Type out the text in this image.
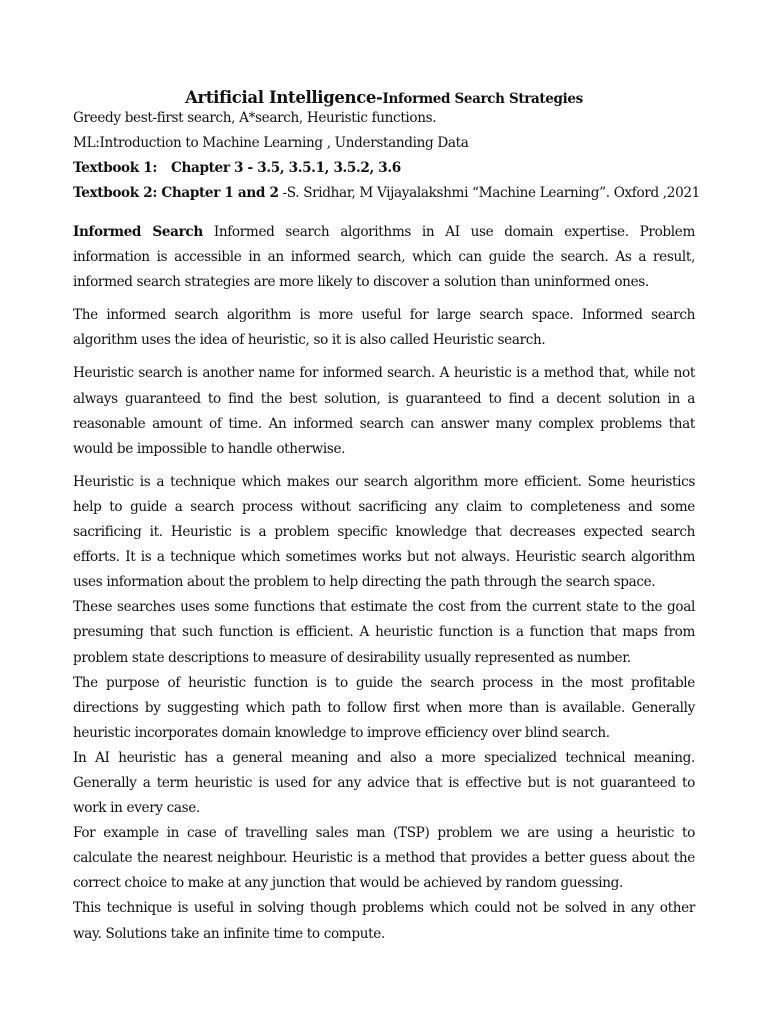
Artificial Intelligence-Informed Search Strategies
Greedy best-first search, A*search, Heuristic functions.
ML:Introduction to Machine Learning , Understanding Data
Textbook 1: Chapter 3 - 3.5, 3.5.1, 3.5.2, 3.6
Textbook 2: Chapter 1 and 2 -S. Sridhar, M Vijayalakshmi “Machine Learning”. Oxford ,2021

Informed Search Informed search algorithms in AI use domain expertise. Problem information is accessible in an informed search, which can guide the search. As a result, informed search strategies are more likely to discover a solution than uninformed ones.

The informed search algorithm is more useful for large search space. Informed search algorithm uses the idea of heuristic, so it is also called Heuristic search.

Heuristic search is another name for informed search. A heuristic is a method that, while not always guaranteed to find the best solution, is guaranteed to find a decent solution in a reasonable amount of time. An informed search can answer many complex problems that would be impossible to handle otherwise.

Heuristic is a technique which makes our search algorithm more efficient. Some heuristics help to guide a search process without sacrificing any claim to completeness and some sacrificing it. Heuristic is a problem specific knowledge that decreases expected search efforts. It is a technique which sometimes works but not always. Heuristic search algorithm uses information about the problem to help directing the path through the search space.

These searches uses some functions that estimate the cost from the current state to the goal presuming that such function is efficient. A heuristic function is a function that maps from problem state descriptions to measure of desirability usually represented as number.

The purpose of heuristic function is to guide the search process in the most profitable directions by suggesting which path to follow first when more than is available. Generally heuristic incorporates domain knowledge to improve efficiency over blind search.

In AI heuristic has a general meaning and also a more specialized technical meaning. Generally a term heuristic is used for any advice that is effective but is not guaranteed to work in every case.

For example in case of travelling sales man (TSP) problem we are using a heuristic to calculate the nearest neighbour. Heuristic is a method that provides a better guess about the correct choice to make at any junction that would be achieved by random guessing.

This technique is useful in solving though problems which could not be solved in any other way. Solutions take an infinite time to compute.
